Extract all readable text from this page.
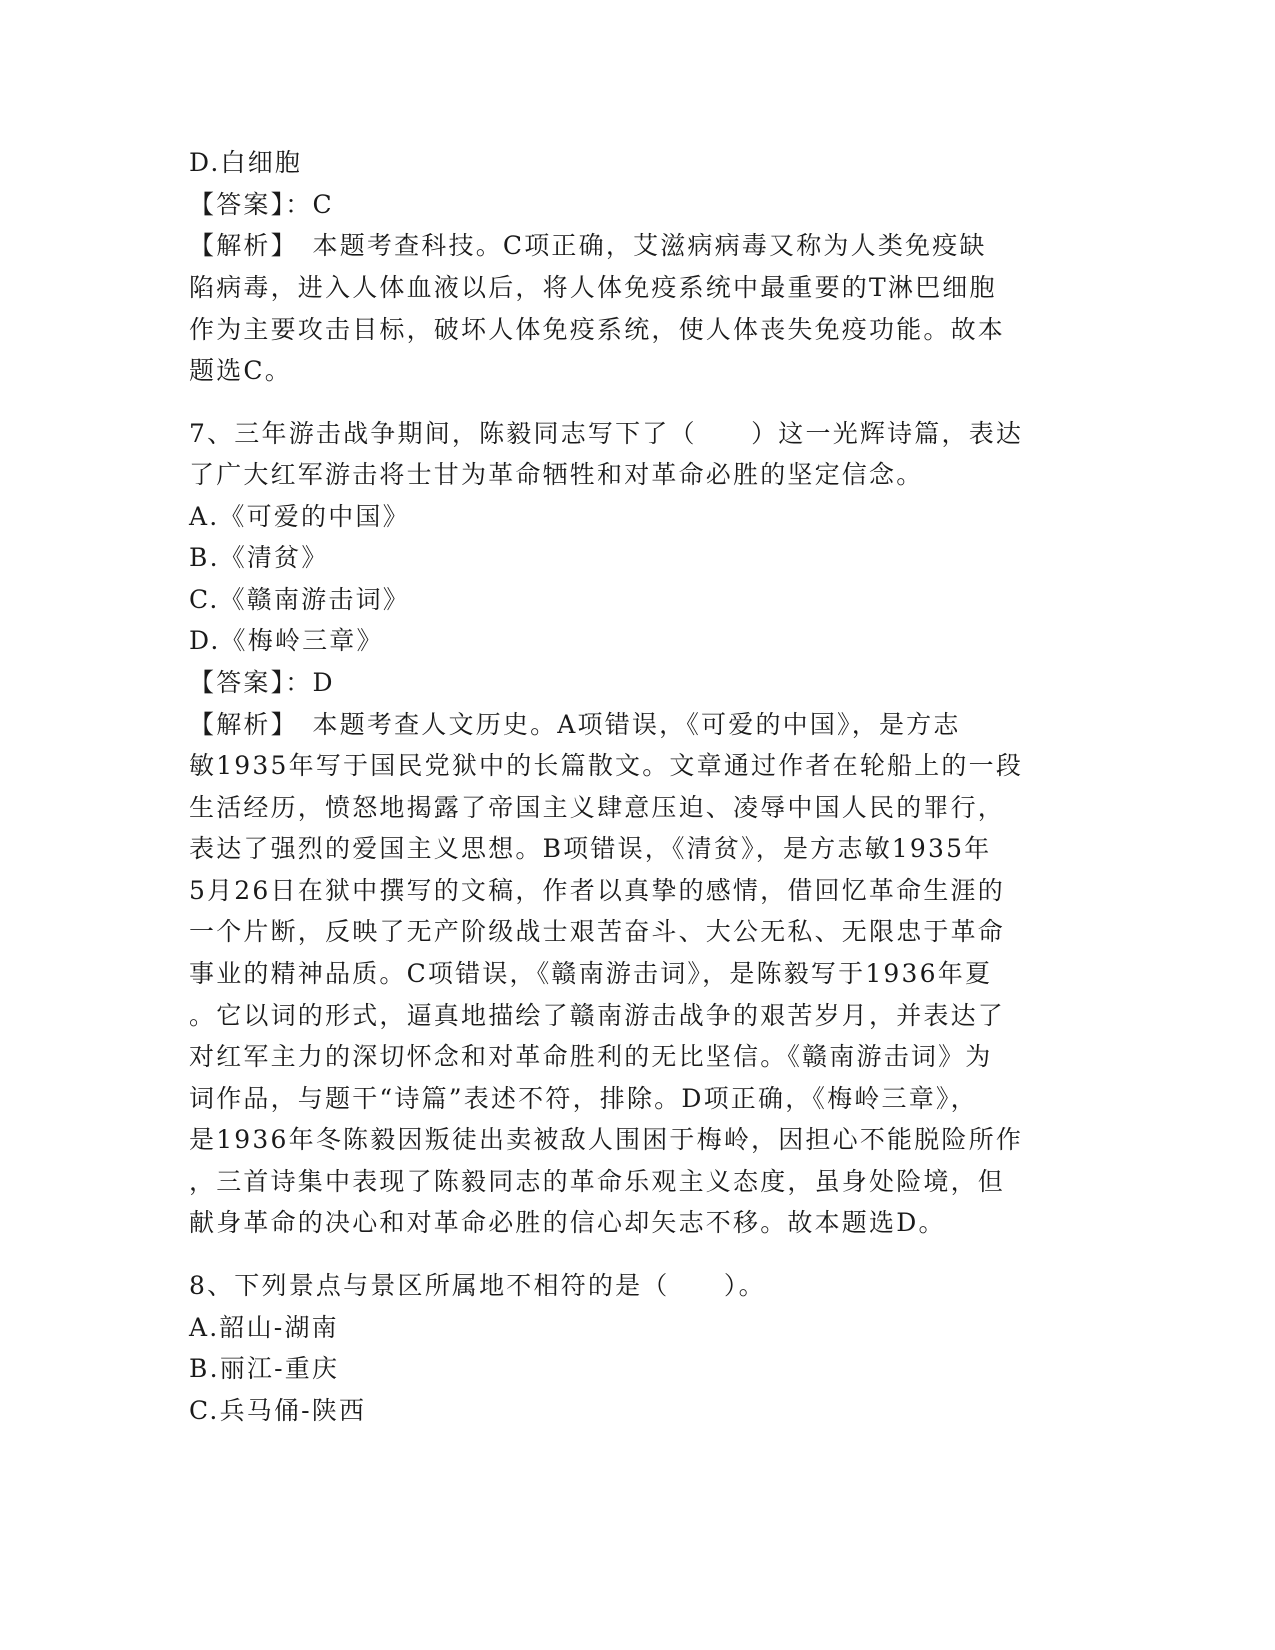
D.白细胞
【答案】：C
【解析】　本题考查科技。C项正确，艾滋病病毒又称为人类免疫缺
陷病毒，进入人体血液以后，将人体免疫系统中最重要的T淋巴细胞
作为主要攻击目标，破坏人体免疫系统，使人体丧失免疫功能。故本
题选C。
7、三年游击战争期间，陈毅同志写下了（　　）这一光辉诗篇，表达
了广大红军游击将士甘为革命牺牲和对革命必胜的坚定信念。
A.《可爱的中国》
B.《清贫》
C.《赣南游击词》
D.《梅岭三章》
【答案】：D
【解析】　本题考查人文历史。A项错误，《可爱的中国》，是方志
敏1935年写于国民党狱中的长篇散文。文章通过作者在轮船上的一段
生活经历，愤怒地揭露了帝国主义肆意压迫、凌辱中国人民的罪行，
表达了强烈的爱国主义思想。B项错误，《清贫》，是方志敏1935年
5月26日在狱中撰写的文稿，作者以真挚的感情，借回忆革命生涯的
一个片断，反映了无产阶级战士艰苦奋斗、大公无私、无限忠于革命
事业的精神品质。C项错误，《赣南游击词》，是陈毅写于1936年夏
。它以词的形式，逼真地描绘了赣南游击战争的艰苦岁月，并表达了
对红军主力的深切怀念和对革命胜利的无比坚信。《赣南游击词》为
词作品，与题干“诗篇”表述不符，排除。D项正确，《梅岭三章》，
是1936年冬陈毅因叛徒出卖被敌人围困于梅岭，因担心不能脱险所作
，三首诗集中表现了陈毅同志的革命乐观主义态度，虽身处险境，但
献身革命的决心和对革命必胜的信心却矢志不移。故本题选D。
8、下列景点与景区所属地不相符的是（　　）。
A.韶山-湖南
B.丽江-重庆
C.兵马俑-陕西
